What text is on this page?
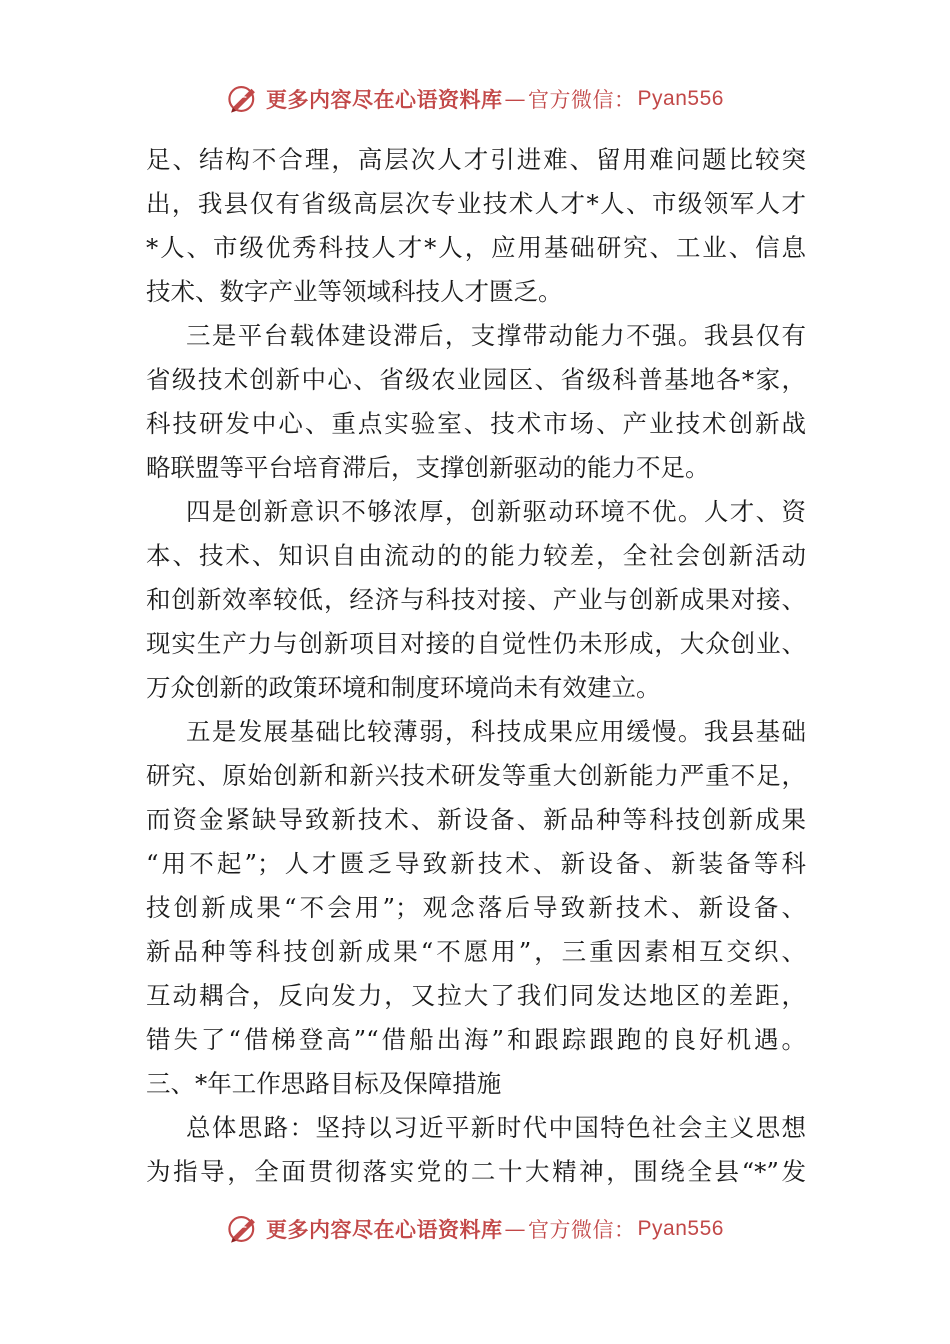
更多内容尽在心语资料库 — 官方微信： Pyan556
足、结构不合理，高层次人才引进难、留用难问题比较突
出，我县仅有省级高层次专业技术人才*人、市级领军人才
*人、市级优秀科技人才*人，应用基础研究、工业、信息
技术、数字产业等领域科技人才匮乏。
三是平台载体建设滞后，支撑带动能力不强。我县仅有
省级技术创新中心、省级农业园区、省级科普基地各*家，
科技研发中心、重点实验室、技术市场、产业技术创新战
略联盟等平台培育滞后，支撑创新驱动的能力不足。
四是创新意识不够浓厚，创新驱动环境不优。人才、资
本、技术、知识自由流动的的能力较差，全社会创新活动
和创新效率较低，经济与科技对接、产业与创新成果对接、
现实生产力与创新项目对接的自觉性仍未形成，大众创业、
万众创新的政策环境和制度环境尚未有效建立。
五是发展基础比较薄弱，科技成果应用缓慢。我县基础
研究、原始创新和新兴技术研发等重大创新能力严重不足，
而资金紧缺导致新技术、新设备、新品种等科技创新成果
“用不起”；人才匮乏导致新技术、新设备、新装备等科
技创新成果“不会用”；观念落后导致新技术、新设备、
新品种等科技创新成果“不愿用”，三重因素相互交织、
互动耦合，反向发力，又拉大了我们同发达地区的差距，
错失了“借梯登高”“借船出海”和跟踪跟跑的良好机遇。
三、*年工作思路目标及保障措施
总体思路：坚持以习近平新时代中国特色社会主义思想
为指导，全面贯彻落实党的二十大精神，围绕全县“*”发
更多内容尽在心语资料库 — 官方微信： Pyan556
